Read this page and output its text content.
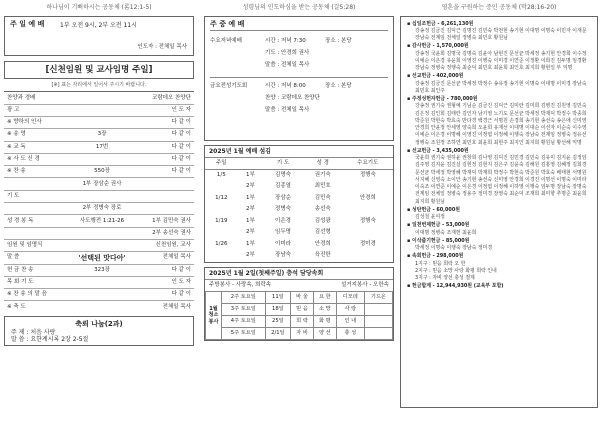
하나님이 기뻐하시는 공동체 (롬12:1-5)
주 일 예 배	1부 오전 9시, 2부 오전 11시
인도자 : 전체일 목사
[신천임원 및 교사임명 주일]
[※] 표는 자리에서 일어서 주시기 바랍니다.
찬양과 경배		코람데오 찬양단
광 고		인 도 자
※ 향하의 인사		다 같 이
※ 송 영	3장	다 같 이
※ 교 독	17번	다 같 이
※ 사 도 신 경		다 같 이
※ 찬 송	550장	다 같 이
	1부 장삼순 권사	
기 도		
	2부 정병숙 장로	
성 경 봉 독	사도행전 1:21-26	1부 김민숙 권사
		2부 송선숙 권사
임원 및 임명식		신천임원, 교사
말 씀	'선택된 맛다아'	전체일 목사
헌 금 찬 송	323장	다 같 이
목 회 기 도		인 도 자
※ 찬 송 의 말 음		다 같 이
※ 축 도		전체일 목사
축뢰 나눔(2과)
주 제 : 처음 사랑
말 씀 : 요한계시록 2장 2-5절
성령님의 인도하심을 받는 공동체 (갈5:28)
주 중 예 배
수요저녁예배	시간 : 저녁 7:30	장소 : 본당
기도 : 안경희 권사
말씀 : 전체일 목사
금요전성기도회	시간 : 저녁 8:00	장소 : 본당
찬양 : 코람데오 찬양단
말씀 : 전체일 목사
2025년 1월 예배 섬김
주일		기 도	성 경	수요기도
1/5	1부	김명숙	권기숙	정행숙
	2부	김종열	최민호	
1/12	1부	장삼순	김민숙	안경희
	2부	정병숙	송선숙	
1/19	1부	이은경	김성광	정행숙
	2부	임두명	김선형	
1/26	1부	이미라	안경희	정미경
	2부	장남숙	육진한	
2025년 1월 2일(첫째주일) 층석 담당속회
주방봉사 - 사랑속, 희락속	설거지봉사 - 오한속
1월 청소 봉사	2주 토요일	11일	바 울	요 한	디모데	기드온
	3주 토요일	18일	믿 음	소 망	사 랑	
	4주 토요일	25일	희 락	화 평	인 내	
	5주 토요일	2/1일	자 비	양 선	충 성	
영혼을 구원하는 증인 공동체 (막28:16-20)
▪ 십일조헌금 - 6,261,130원
강송정 김금진 김덕근 김명진 김민숙 박천현 송기현 이대명 이명숙 이민자 이재문 장남숙 전계임 전체일 정병숙 최민호 황원님
▪ 감사헌금 - 1,570,000원
강송정 국윤희 김명국 김명숙 김윤아 남현진 문선균 박세정 송기현 안경희 이수정 이예순 이은경 유윤희 이영진 이행숙 이미경 이연준 이정환 이희진 김두명 임경환 장남숙 정병숙 정행숙 최순덕 최민호 최윤희 최인호 최지희 황현일 부 익명
▪ 선교헌금 - 402,000원
강송정 김금진 문선균 박세정 박정수 송유정 송기현 이명숙 이대명 이미경 장남숙 최민호 최인주
▪ 주정성헌자헌금 - 780,000원
강송정 권기숙 권형예 기님순 김금진 김덕근 김미란 김미희 김병진 김원영 김민숙 김은정 김인희 김태란 김인자 남기영 노기도 문선균 박세정 박재덕 박정수 박종희 박준원 박현숙 박효숙 반다경 백경근 서명원 손경희 송기현 송선숙 송은애 신미영 안경희 안윤정 안세영 양숙희 오윤희 유재선 이대명 이대순 이선자 이순숙 이수영 이예순 이은경 이명혜 이영진 이정엽 이정혜 이행숙 장남숙 전계임 정병숙 정유선 정행숙 조원정 조하연 최민호 최윤희 최현주 최지인 최지희 황원님 황선해 익명
▪ 선교헌금 - 3,435,000원
국윤희 권기숙 권하윤 권창희 김나영 김덕진 김민경 김민숙 김유미 김지윤 김정임 김주영 김지윤 김진실 김현정 김현지 김은구 김윤숙 김해원 김홍영 김혜정 김희경 문선균 박세정 박영혜 박재덕 박재희 박정수 박현숙 박준원 박효숙 배태현 서명원 서지혜 신영숙 소이안 송기현 송선숙 신미영 안경희 이경진 이명선 이명숙 이미라 이숙조 이연준 이예순 이은경 이정엽 이정혜 이하영 이행숙 임두명 장남숙 장명숙 전계임 전체일 정병숙 정용주 정미경 장영숙 최순덕 조재희 최미향 추명준 최윤희 최지희 황원님
▪ 성탄헌금 - 60,000원
김성철 윤여정
▪ 일천번제헌금 - 53,000원
이대명 정병숙 조재헌 최윤희
▪ 이삭줍기헌금 - 85,000원
박세정 이명숙 이행숙 장남숙 정미경
▪ 속회헌금 - 298,000원
1지구 : 믿음 희락 오 한
2지구 : 믿음 소망 사랑 화평 희락 인내
3지구 : 자비 양선 충성 절제
▪ 헌금합계 - 12,944,930원 (교육부 포함)
